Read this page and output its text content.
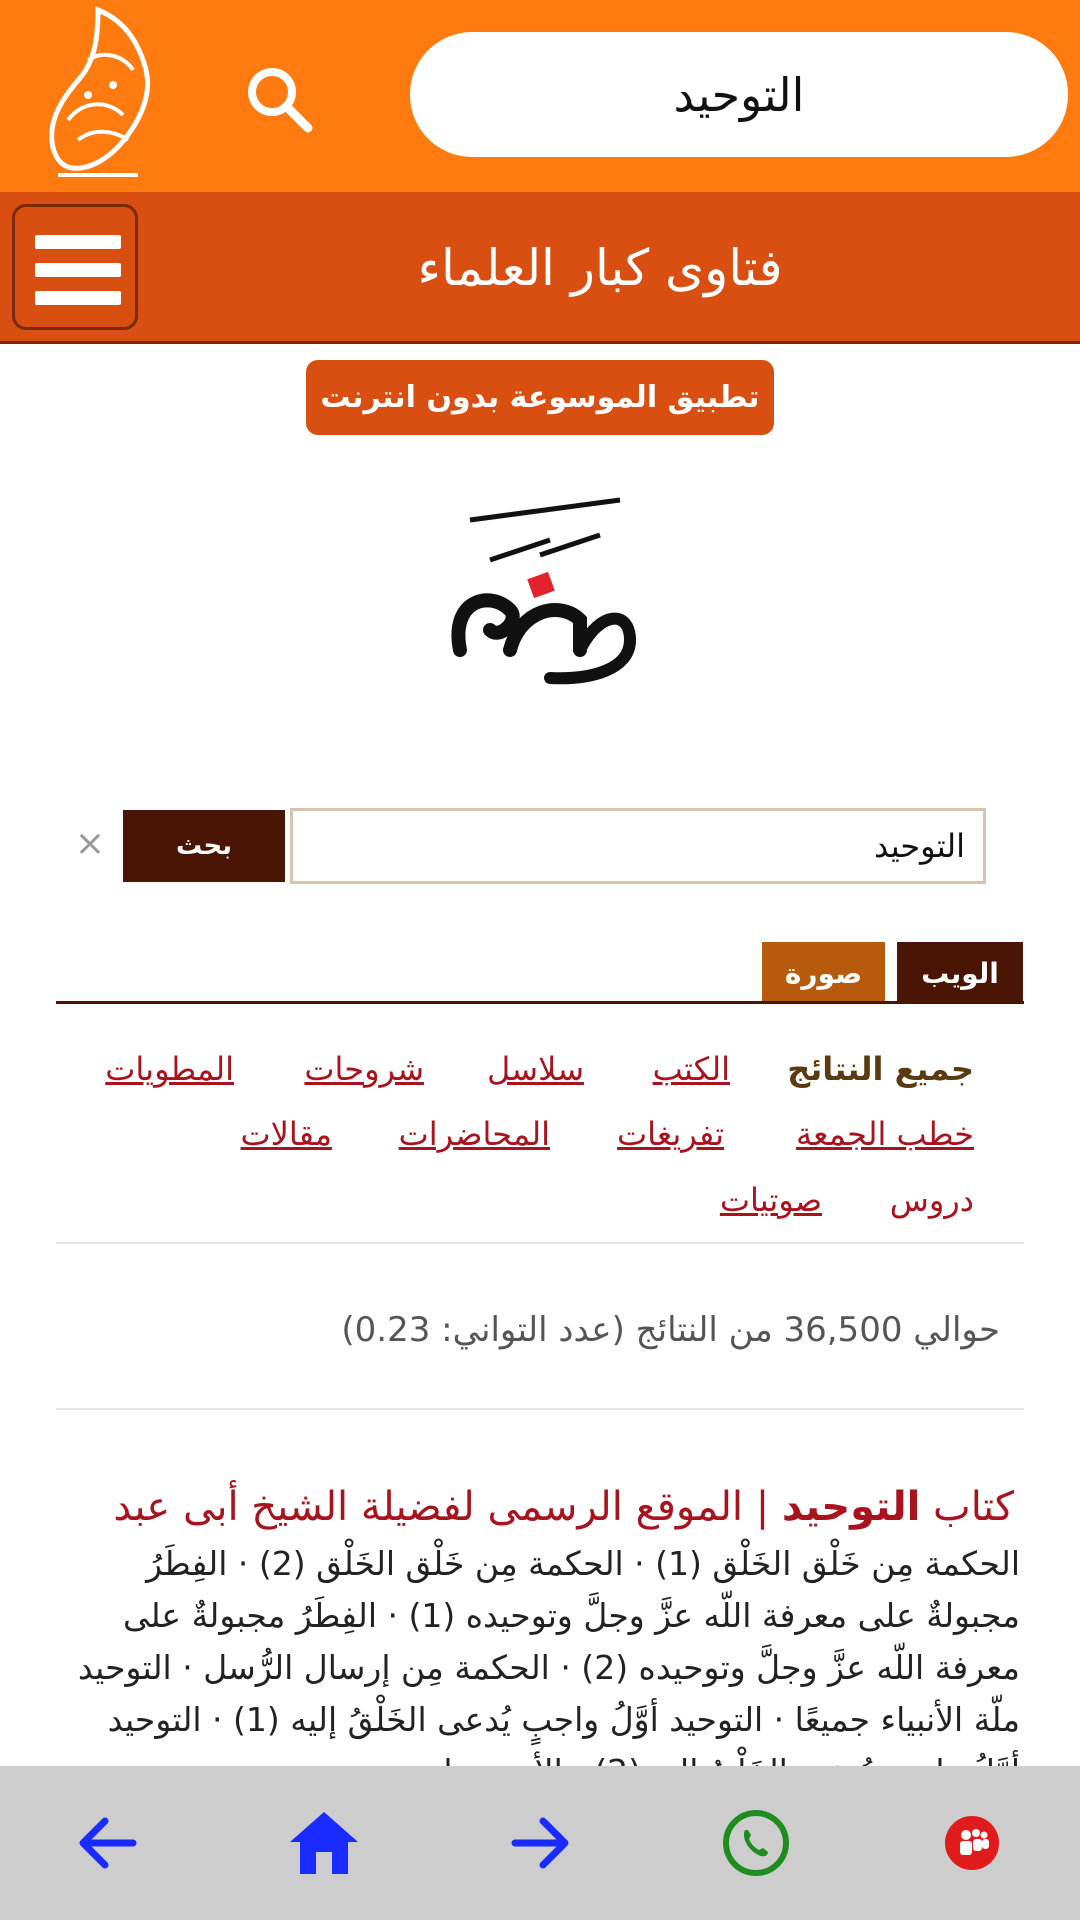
التوحيد
فتاوى كبار العلماء
تطبيق الموسوعة بدون انترنت
×	بحث	التوحيد
الويب
صورة
جميع النتائج
الكتب
سلاسل
شروحات
المطويات
خطب الجمعة
تفريغات
المحاضرات
مقالات
دروس
صوتيات
حوالي 36,500 من النتائج (عدد التواني: 0.23)
كتاب التوحيد | الموقع الرسمى لفضيلة الشيخ أبى عبد
الحكمة مِن خَلْق الخَلْق (1) · الحكمة مِن خَلْق الخَلْق (2) · الفِطَرُ مجبولةٌ على معرفة اللّه عزَّ وجلَّ وتوحيده (1) · الفِطَرُ مجبولةٌ على معرفة اللّه عزَّ وجلَّ وتوحيده (2) · الحكمة مِن إرسال الرُّسل · التوحيد ملّة الأنبياء جميعًا · التوحيد أوَّلُ واجبٍ يُدعى الخَلْقُ إليه (1) · التوحيد
